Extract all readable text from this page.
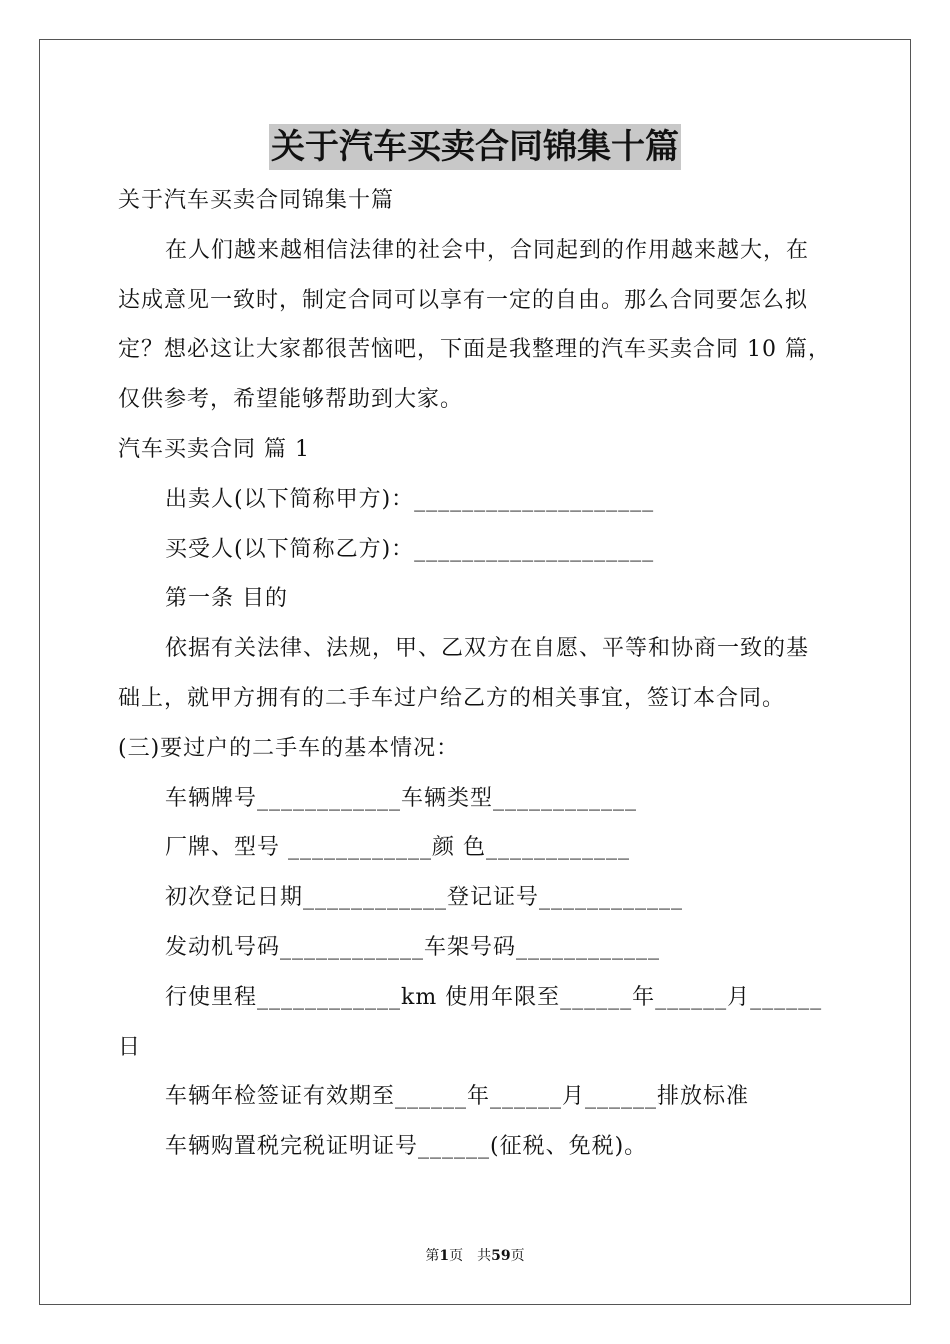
关于汽车买卖合同锦集十篇
关于汽车买卖合同锦集十篇
在人们越来越相信法律的社会中，合同起到的作用越来越大，在
达成意见一致时，制定合同可以享有一定的自由。那么合同要怎么拟
定？想必这让大家都很苦恼吧，下面是我整理的汽车买卖合同 10 篇，
仅供参考，希望能够帮助到大家。
汽车买卖合同 篇 1
出卖人(以下简称甲方)：____________________
买受人(以下简称乙方)：____________________
第一条 目的
依据有关法律、法规，甲、乙双方在自愿、平等和协商一致的基
础上，就甲方拥有的二手车过户给乙方的相关事宜，签订本合同。
(三)要过户的二手车的基本情况：
车辆牌号____________车辆类型____________
厂牌、型号 ____________颜 色____________
初次登记日期____________登记证号____________
发动机号码____________车架号码____________
行使里程____________km 使用年限至______年______月______
日
车辆年检签证有效期至______年______月______排放标准
车辆购置税完税证明证号______(征税、免税)。
第1页 共59页
